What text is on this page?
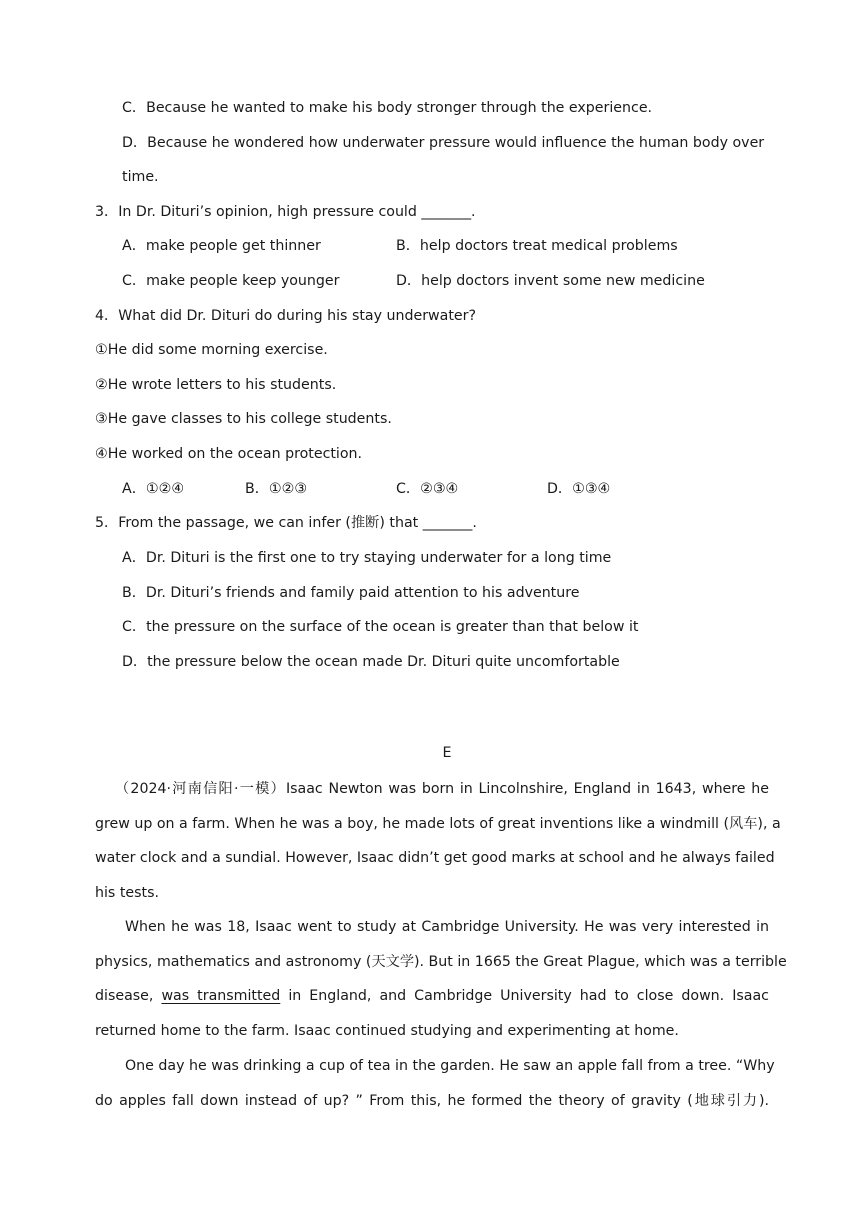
C．Because he wanted to make his body stronger through the experience.
D．Because he wondered how underwater pressure would influence the human body over
time.
3．In Dr. Dituri’s opinion, high pressure could _______.
A．make people get thinner	B．help doctors treat medical problems
C．make people keep younger	D．help doctors invent some new medicine
4．What did Dr. Dituri do during his stay underwater?
①He did some morning exercise.
②He wrote letters to his students.
③He gave classes to his college students.
④He worked on the ocean protection.
A．①②④	B．①②③	C．②③④	D．①③④
5．From the passage, we can infer (推断) that _______.
A．Dr. Dituri is the first one to try staying underwater for a long time
B．Dr. Dituri’s friends and family paid attention to his adventure
C．the pressure on the surface of the ocean is greater than that below it
D．the pressure below the ocean made Dr. Dituri quite uncomfortable
E
（2024·河南信阳·一模）Isaac Newton was born in Lincolnshire, England in 1643, where he
grew up on a farm. When he was a boy, he made lots of great inventions like a windmill (风车), a
water clock and a sundial. However, Isaac didn’t get good marks at school and he always failed
his tests.
When he was 18, Isaac went to study at Cambridge University. He was very interested in
physics, mathematics and astronomy (天文学). But in 1665 the Great Plague, which was a terrible
disease, was transmitted in England, and Cambridge University had to close down. Isaac
returned home to the farm. Isaac continued studying and experimenting at home.
One day he was drinking a cup of tea in the garden. He saw an apple fall from a tree. “Why
do apples fall down instead of up? ” From this, he formed the theory of gravity (地球引力).
